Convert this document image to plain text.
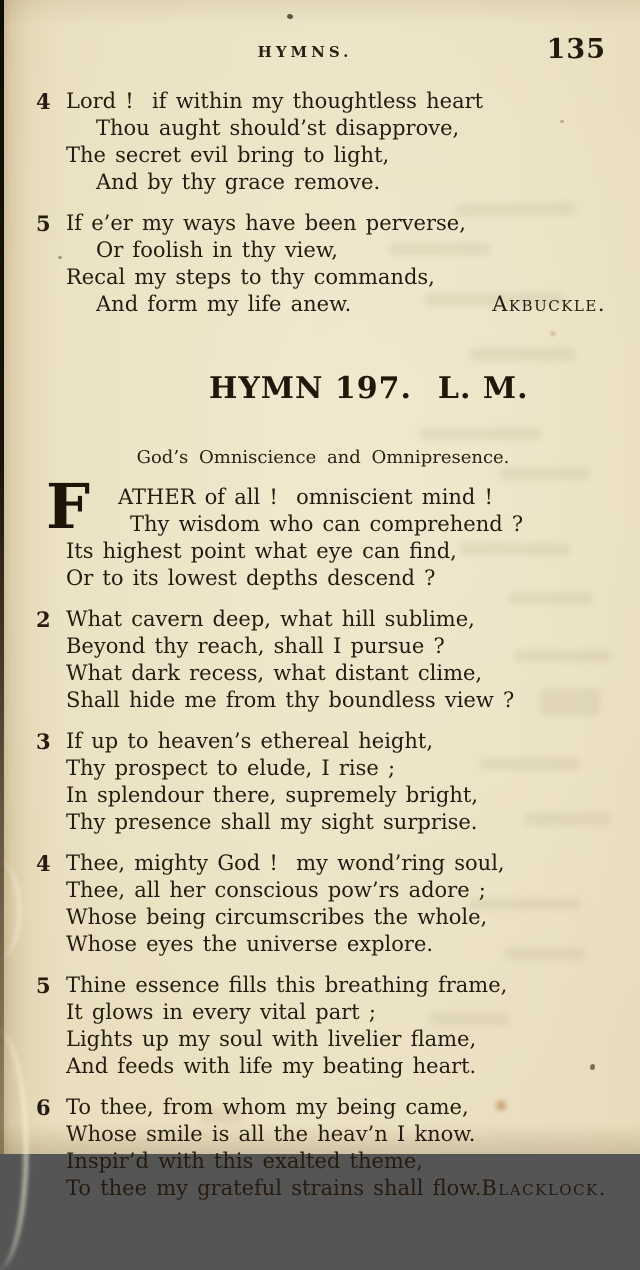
HYMNS.	135
4 Lord !  if within my thoughtless heart
Thou aught should’st disapprove,
The secret evil bring to light,
And by thy grace remove.
5 If e’er my ways have been perverse,
Or foolish in thy view,
Recal my steps to thy commands,
And form my life anew.	Akbuckle.

HYMN 197. L. M.

God’s Omniscience and Omnipresence.
F ATHER of all !  omniscient mind !
Thy wisdom who can comprehend ?
Its highest point what eye can find,
Or to its lowest depths descend ?
2 What cavern deep, what hill sublime,
Beyond thy reach, shall I pursue ?
What dark recess, what distant clime,
Shall hide me from thy boundless view ?
3 If up to heaven’s ethereal height,
Thy prospect to elude, I rise ;
In splendour there, supremely bright,
Thy presence shall my sight surprise.
4 Thee, mighty God !  my wond’ring soul,
Thee, all her conscious pow’rs adore ;
Whose being circumscribes the whole,
Whose eyes the universe explore.
5 Thine essence fills this breathing frame,
It glows in every vital part ;
Lights up my soul with livelier flame,
And feeds with life my beating heart.
6 To thee, from whom my being came,
Whose smile is all the heav’n I know.
Inspir’d with this exalted theme,
To thee my grateful strains shall flow. Blacklock.
